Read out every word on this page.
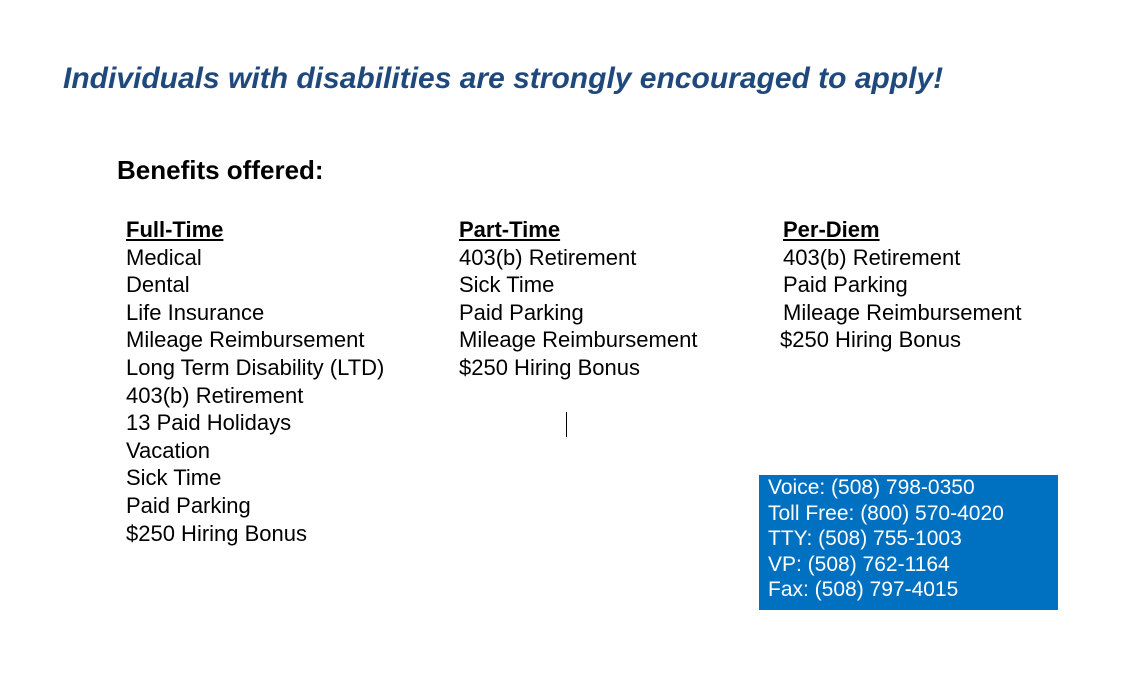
Individuals with disabilities are strongly encouraged to apply!
Benefits offered:
Full-Time
Medical
Dental
Life Insurance
Mileage Reimbursement
Long Term Disability (LTD)
403(b) Retirement
13 Paid Holidays
Vacation
Sick Time
Paid Parking
$250 Hiring Bonus
Part-Time
403(b) Retirement
Sick Time
Paid Parking
Mileage Reimbursement
$250 Hiring Bonus
Per-Diem
403(b) Retirement
Paid Parking
Mileage Reimbursement
$250 Hiring Bonus
Voice: (508) 798-0350
Toll Free: (800) 570-4020
TTY: (508) 755-1003
VP: (508) 762-1164
Fax: (508) 797-4015
